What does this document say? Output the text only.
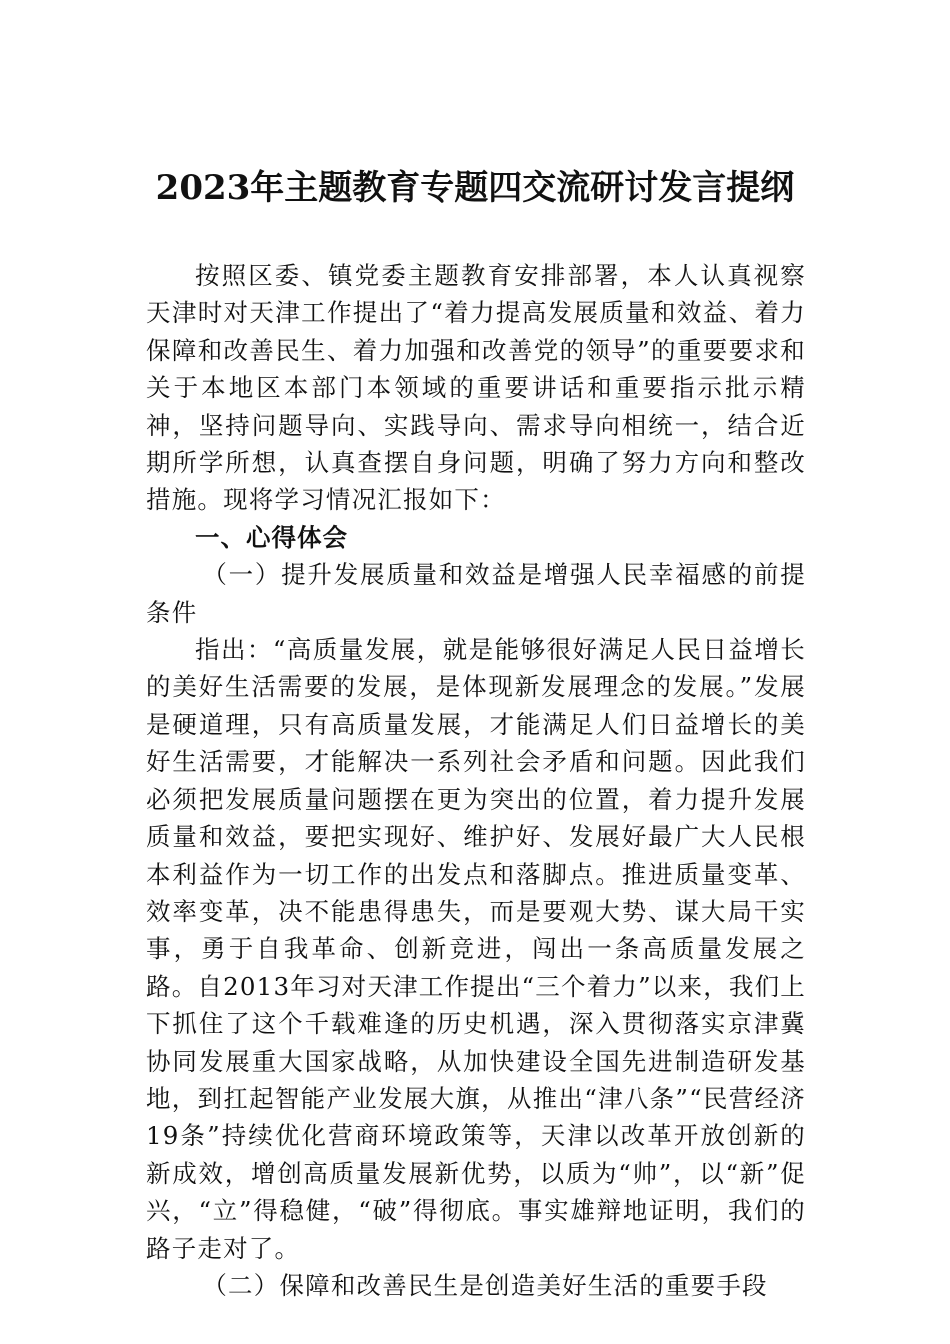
2023年主题教育专题四交流研讨发言提纲

按照区委、镇党委主题教育安排部署，本人认真视察天津时对天津工作提出了“着力提高发展质量和效益、着力保障和改善民生、着力加强和改善党的领导”的重要要求和关于本地区本部门本领域的重要讲话和重要指示批示精神，坚持问题导向、实践导向、需求导向相统一，结合近期所学所想，认真查摆自身问题，明确了努力方向和整改措施。现将学习情况汇报如下：

一、心得体会

（一）提升发展质量和效益是增强人民幸福感的前提条件

指出：“高质量发展，就是能够很好满足人民日益增长的美好生活需要的发展，是体现新发展理念的发展。”发展是硬道理，只有高质量发展，才能满足人们日益增长的美好生活需要，才能解决一系列社会矛盾和问题。因此我们必须把发展质量问题摆在更为突出的位置，着力提升发展质量和效益，要把实现好、维护好、发展好最广大人民根本利益作为一切工作的出发点和落脚点。推进质量变革、效率变革，决不能患得患失，而是要观大势、谋大局干实事，勇于自我革命、创新竞进，闯出一条高质量发展之路。自2013年习对天津工作提出“三个着力”以来，我们上下抓住了这个千载难逢的历史机遇，深入贯彻落实京津冀协同发展重大国家战略，从加快建设全国先进制造研发基地，到扛起智能产业发展大旗，从推出“津八条”“民营经济19条”持续优化营商环境政策等，天津以改革开放创新的新成效，增创高质量发展新优势，以质为“帅”，以“新”促兴，“立”得稳健，“破”得彻底。事实雄辩地证明，我们的路子走对了。

（二）保障和改善民生是创造美好生活的重要手段
